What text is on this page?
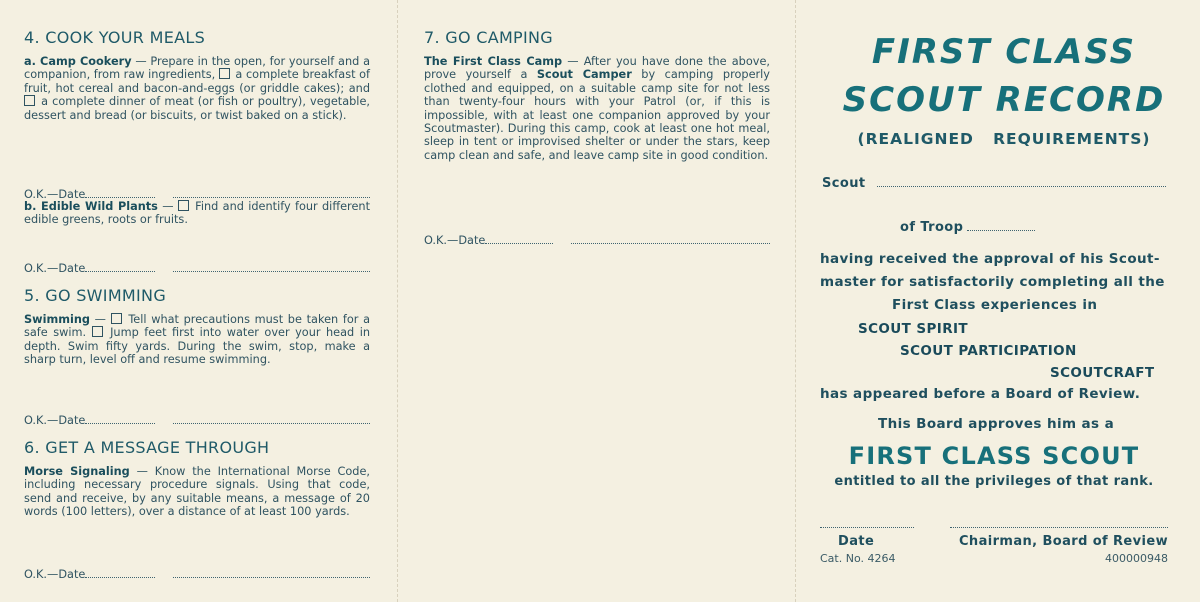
4. COOK YOUR MEALS

a. Camp Cookery — Prepare in the open, for yourself and a companion, from raw ingredients,  a complete breakfast of fruit, hot cereal and bacon-and-eggs (or griddle cakes); and  a complete dinner of meat (or fish or poultry), vegetable, dessert and bread (or biscuits, or twist baked on a stick).

O.K.—Date

b. Edible Wild Plants —  Find and identify four different edible greens, roots or fruits.

O.K.—Date
5. GO SWIMMING

Swimming —  Tell what precautions must be taken for a safe swim.  Jump feet first into water over your head in depth. Swim fifty yards. During the swim, stop, make a sharp turn, level off and resume swimming.

O.K.—Date
6. GET A MESSAGE THROUGH

Morse Signaling — Know the International Morse Code, including necessary procedure signals. Using that code, send and receive, by any suitable means, a message of 20 words (100 letters), over a distance of at least 100 yards.

O.K.—Date
7. GO CAMPING

The First Class Camp — After you have done the above, prove yourself a Scout Camper by camping properly clothed and equipped, on a suitable camp site for not less than twenty-four hours with your Patrol (or, if this is impossible, with at least one companion approved by your Scoutmaster). During this camp, cook at least one hot meal, sleep in tent or improvised shelter or under the stars, keep camp clean and safe, and leave camp site in good condition.

O.K.—Date
FIRST CLASS
SCOUT RECORD

(REALIGNED   REQUIREMENTS)

Scout
of Troop
having received the approval of his Scout-
master for satisfactorily completing all the
First Class experiences in
SCOUT SPIRIT
SCOUT PARTICIPATION
SCOUTCRAFT
has appeared before a Board of Review.
This Board approves him as a

FIRST CLASS SCOUT

entitled to all the privileges of that rank.
Date	Chairman, Board of Review
Cat. No. 4264	400000948
